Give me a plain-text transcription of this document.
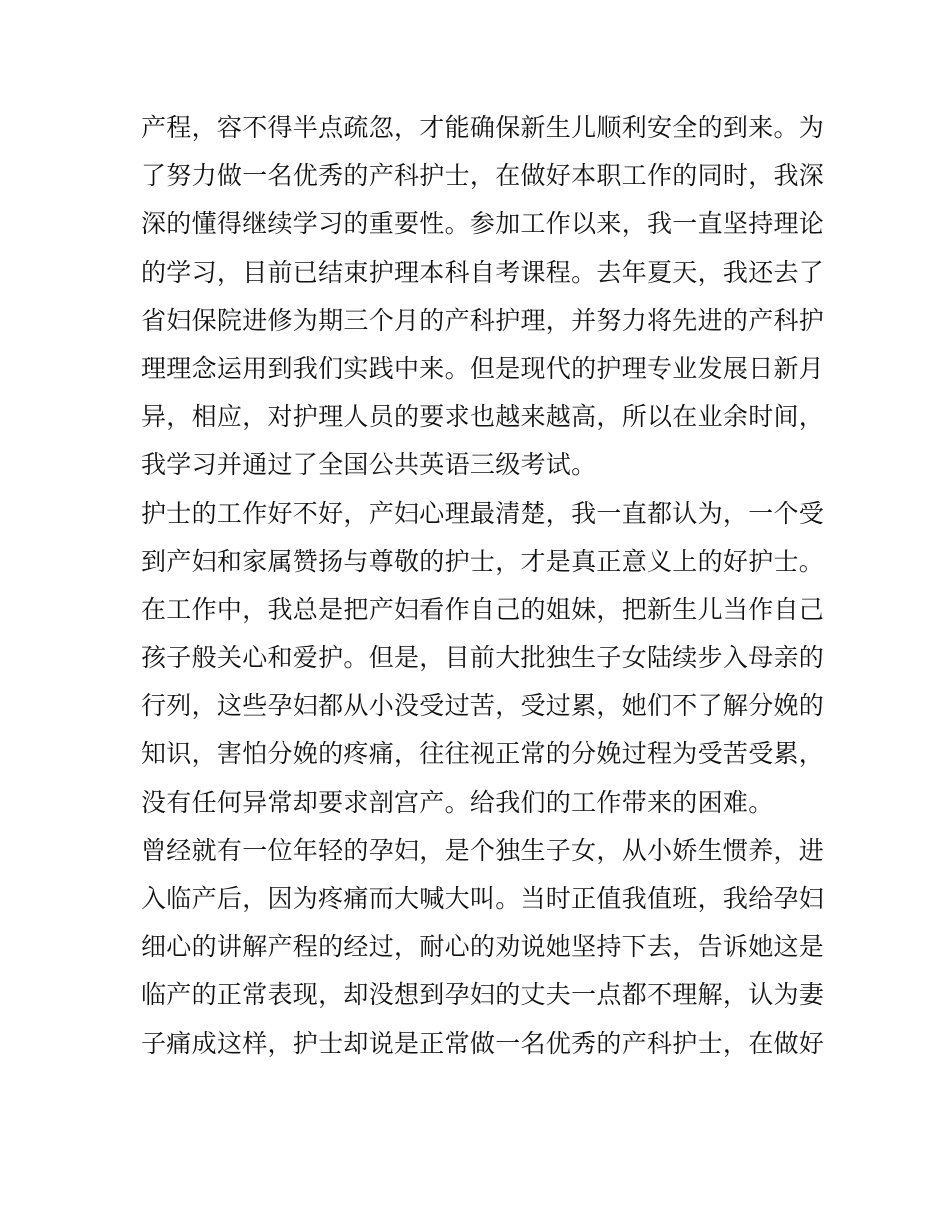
产程，容不得半点疏忽，才能确保新生儿顺利安全的到来。为
了努力做一名优秀的产科护士，在做好本职工作的同时，我深
深的懂得继续学习的重要性。参加工作以来，我一直坚持理论
的学习，目前已结束护理本科自考课程。去年夏天，我还去了
省妇保院进修为期三个月的产科护理，并努力将先进的产科护
理理念运用到我们实践中来。但是现代的护理专业发展日新月
异，相应，对护理人员的要求也越来越高，所以在业余时间，
我学习并通过了全国公共英语三级考试。
护士的工作好不好，产妇心理最清楚，我一直都认为，一个受
到产妇和家属赞扬与尊敬的护士，才是真正意义上的好护士。
在工作中，我总是把产妇看作自己的姐妹，把新生儿当作自己
孩子般关心和爱护。但是，目前大批独生子女陆续步入母亲的
行列，这些孕妇都从小没受过苦，受过累，她们不了解分娩的
知识，害怕分娩的疼痛，往往视正常的分娩过程为受苦受累，
没有任何异常却要求剖宫产。给我们的工作带来的困难。
曾经就有一位年轻的孕妇，是个独生子女，从小娇生惯养，进
入临产后，因为疼痛而大喊大叫。当时正值我值班，我给孕妇
细心的讲解产程的经过，耐心的劝说她坚持下去，告诉她这是
临产的正常表现，却没想到孕妇的丈夫一点都不理解，认为妻
子痛成这样，护士却说是正常做一名优秀的产科护士，在做好
